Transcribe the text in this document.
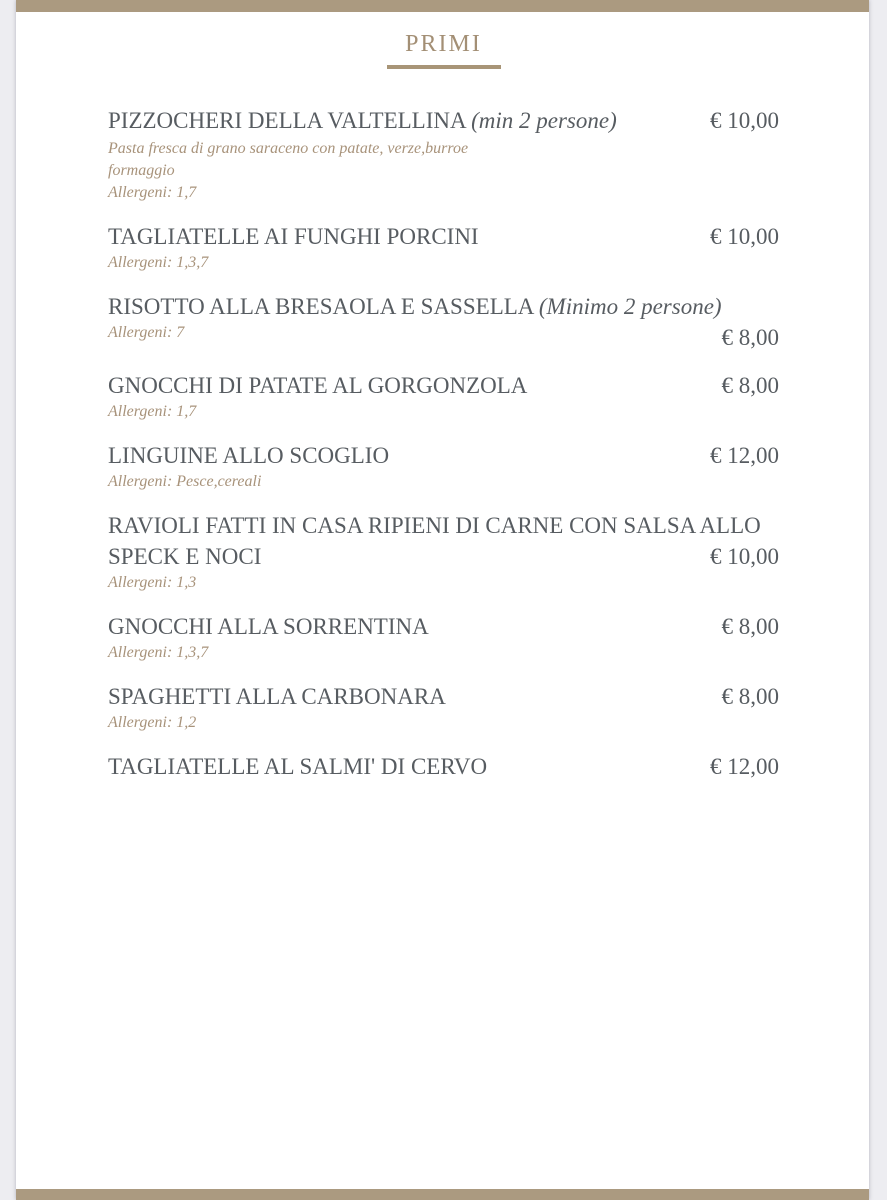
PRIMI
PIZZOCHERI DELLA VALTELLINA (min 2 persone)	€ 10,00
Pasta fresca di grano saraceno con patate, verze,burroe
formaggio
Allergeni: 1,7
TAGLIATELLE AI FUNGHI PORCINI	€ 10,00
Allergeni: 1,3,7
RISOTTO ALLA BRESAOLA E SASSELLA (Minimo 2 persone)
Allergeni: 7	€ 8,00
GNOCCHI DI PATATE AL GORGONZOLA	€ 8,00
Allergeni: 1,7
LINGUINE ALLO SCOGLIO	€ 12,00
Allergeni: Pesce,cereali
RAVIOLI FATTI IN CASA RIPIENI DI CARNE CON SALSA ALLO SPECK E NOCI	€ 10,00
Allergeni: 1,3
GNOCCHI ALLA SORRENTINA	€ 8,00
Allergeni: 1,3,7
SPAGHETTI ALLA CARBONARA	€ 8,00
Allergeni: 1,2
TAGLIATELLE AL SALMI' DI CERVO	€ 12,00
